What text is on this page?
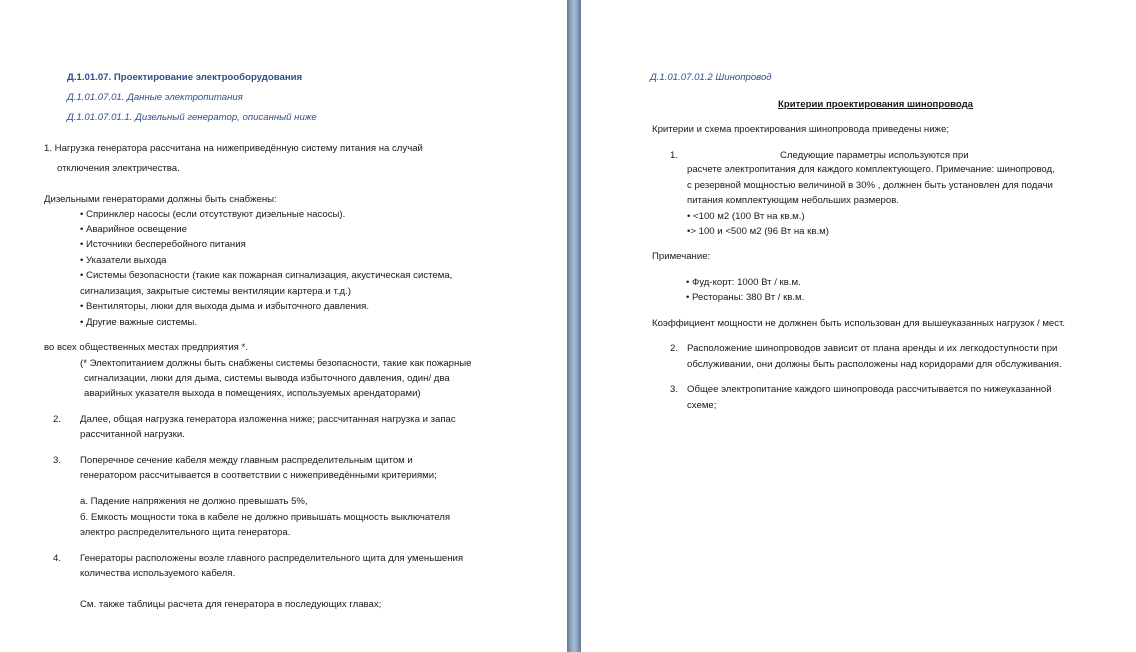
Д.1.01.07. Проектирование электрооборудования
Д.1.01.07.01. Данные электропитания
Д.1.01.07.01.1. Дизельный генератор, описанный ниже
1. Нагрузка генератора рассчитана на нижеприведённую систему питания на случай
отключения электричества.
Дизельными генераторами должны быть снабжены:
• Спринклер насосы (если отсутствуют дизельные насосы).
• Аварийное освещение
• Источники бесперебойного питания
• Указатели выхода
• Системы безопасности (такие как пожарная сигнализация, акустическая система,
сигнализация, закрытые системы вентиляции картера и т.д.)
• Вентиляторы, люки для выхода дыма и избыточного давления.
• Другие важные системы.
во всех общественных местах предприятия *.
(* Электопитанием должны быть снабжены системы безопасности, такие как пожарные
сигнализации, люки для дыма, системы вывода избыточного давления, один/ два
аварийных указателя выхода в помещениях, используемых арендаторами)
2. Далее, общая нагрузка генератора изложенна ниже; рассчитанная нагрузка и запас
рассчитанной нагрузки.
3. Поперечное сечение кабеля между главным распределительным щитом и
генератором рассчитывается в соответствии с нижеприведёнными критериями;
a. Падение напряжения не должно превышать 5%,
б. Емкость мощности тока в кабеле не должно привышать мощность выключателя
электро распределительного щита генератора.
4. Генераторы расположены возле главного распределительного щита для уменьшения
количества используемого кабеля.
См. также таблицы расчета для генератора в последующих главах;
Д.1.01.07.01.2 Шинопровод
Критерии проектирования шинопровода
Критерии и схема проектирования шинопровода приведены ниже;
1.	Следующие параметры используются при
расчете электропитания для каждого комплектующего. Примечание: шинопровод,
с резервной мощностью величиной в 30% , должнен быть установлен для подачи
питания комплектующим небольших размеров.
• <100 м2 (100 Вт на кв.м.)
•> 100 и <500 м2 (96 Вт на кв.м)
Примечание:
• Фуд-корт: 1000 Вт / кв.м.
• Рестораны: 380 Вт / кв.м.
Коэффициент мощности не должнен быть использован для вышеуказанных нагрузок / мест.
2. Расположение шинопроводов зависит от плана аренды и их легкодоступности при
обслуживании, они должны быть расположены над коридорами для обслуживания.
3. Общее электропитание каждого шинопровода рассчитывается по нижеуказанной
схеме;
